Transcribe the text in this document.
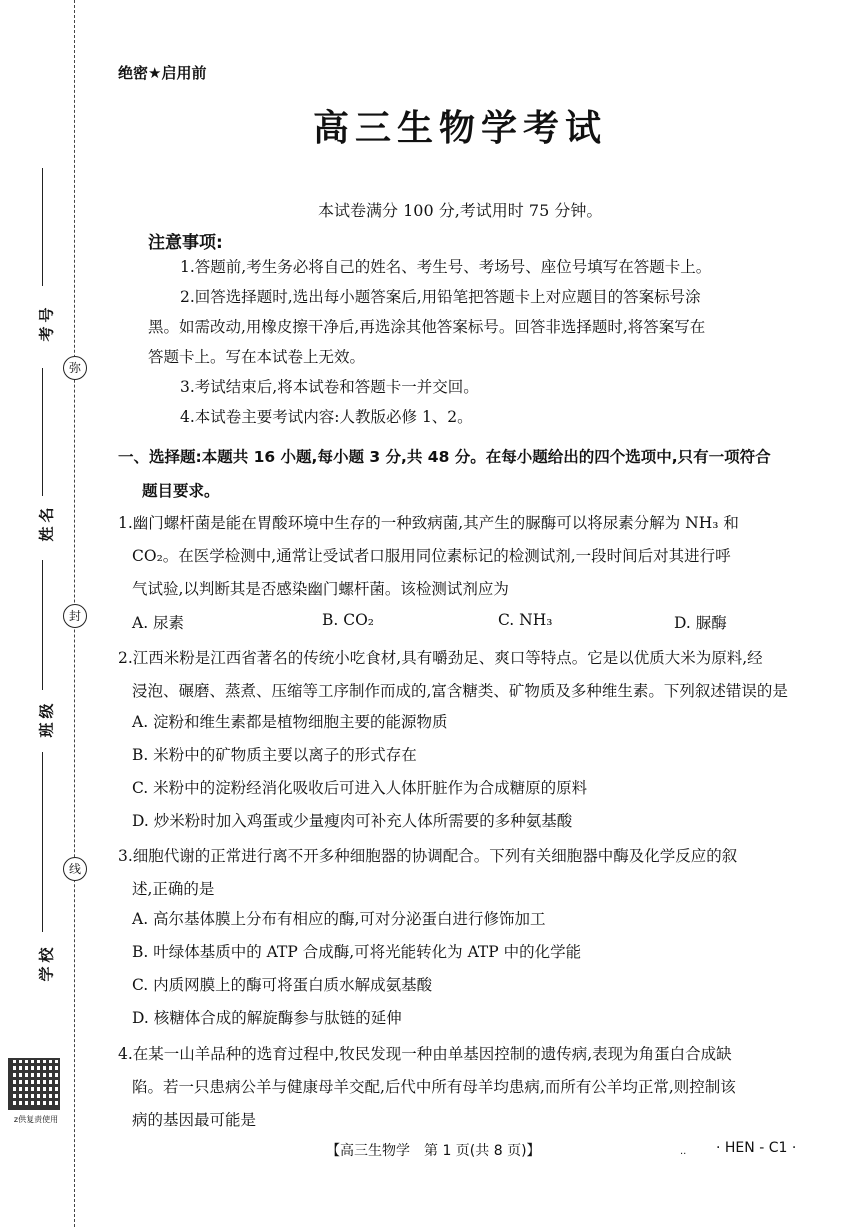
弥
封
线
考号
姓名
班级
学校
z供复责使用
绝密★启用前
高三生物学考试
本试卷满分 100 分,考试用时 75 分钟。
注意事项:
1.答题前,考生务必将自己的姓名、考生号、考场号、座位号填写在答题卡上。
2.回答选择题时,选出每小题答案后,用铅笔把答题卡上对应题目的答案标号涂
黑。如需改动,用橡皮擦干净后,再选涂其他答案标号。回答非选择题时,将答案写在
答题卡上。写在本试卷上无效。
3.考试结束后,将本试卷和答题卡一并交回。
4.本试卷主要考试内容:人教版必修 1、2。
一、选择题:本题共 16 小题,每小题 3 分,共 48 分。在每小题给出的四个选项中,只有一项符合
题目要求。
1.幽门螺杆菌是能在胃酸环境中生存的一种致病菌,其产生的脲酶可以将尿素分解为 NH₃ 和
CO₂。在医学检测中,通常让受试者口服用同位素标记的检测试剂,一段时间后对其进行呼
气试验,以判断其是否感染幽门螺杆菌。该检测试剂应为
A. 尿素	B. CO₂	C. NH₃	D. 脲酶
2.江西米粉是江西省著名的传统小吃食材,具有嚼劲足、爽口等特点。它是以优质大米为原料,经
浸泡、碾磨、蒸煮、压缩等工序制作而成的,富含糖类、矿物质及多种维生素。下列叙述错误的是
A. 淀粉和维生素都是植物细胞主要的能源物质
B. 米粉中的矿物质主要以离子的形式存在
C. 米粉中的淀粉经消化吸收后可进入人体肝脏作为合成糖原的原料
D. 炒米粉时加入鸡蛋或少量瘦肉可补充人体所需要的多种氨基酸
3.细胞代谢的正常进行离不开多种细胞器的协调配合。下列有关细胞器中酶及化学反应的叙
述,正确的是
A. 高尔基体膜上分布有相应的酶,可对分泌蛋白进行修饰加工
B. 叶绿体基质中的 ATP 合成酶,可将光能转化为 ATP 中的化学能
C. 内质网膜上的酶可将蛋白质水解成氨基酸
D. 核糖体合成的解旋酶参与肽链的延伸
4.在某一山羊品种的选育过程中,牧民发现一种由单基因控制的遗传病,表现为角蛋白合成缺
陷。若一只患病公羊与健康母羊交配,后代中所有母羊均患病,而所有公羊均正常,则控制该
病的基因最可能是
【高三生物学　第 1 页(共 8 页)】	.. · HEN - C1 ·
